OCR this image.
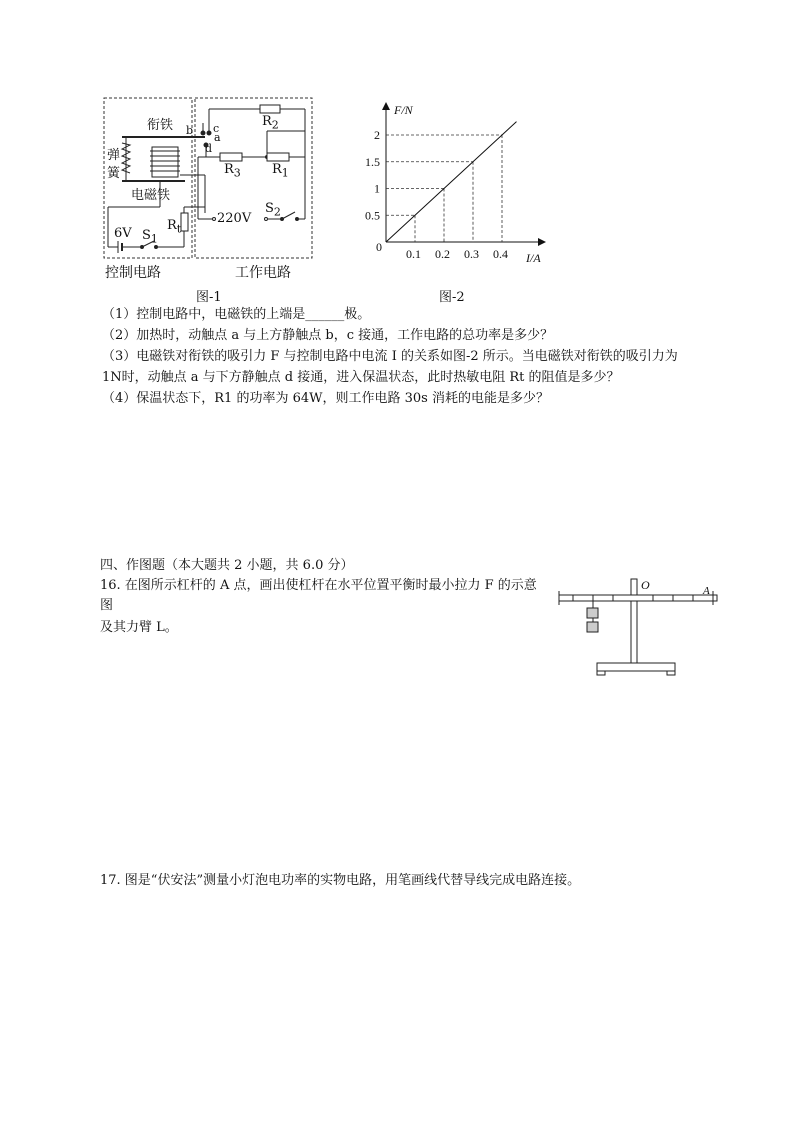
衔铁
弹
簧
电磁铁
6V $S_1$
$R_t$
$R_2$
$R_3$ $R_1$
220V
$S_2$
b c
a
d
控制电路	工作电路
图-1
0.1 0.2 0.3 0.4
0.5
1
1.5
2
F/N
I/A
0
图-2
（1）控制电路中，电磁铁的上端是______极。
（2）加热时，动触点 a 与上方静触点 b，c 接通，工作电路的总功率是多少？
（3）电磁铁对衔铁的吸引力 F 与控制电路中电流 I 的关系如图-2 所示。当电磁铁对衔铁的吸引力为
1N时，动触点 a 与下方静触点 d 接通，进入保温状态，此时热敏电阻 Rt 的阻值是多少？
（4）保温状态下，R1 的功率为 64W，则工作电路 30s 消耗的电能是多少？
四、作图题（本大题共 2 小题，共 6.0 分）
16. 在图所示杠杆的 A 点，画出使杠杆在水平位置平衡时最小拉力 F 的示意
图
及其力臂 L。
O	A
17. 图是“伏安法”测量小灯泡电功率的实物电路，用笔画线代替导线完成电路连接。
